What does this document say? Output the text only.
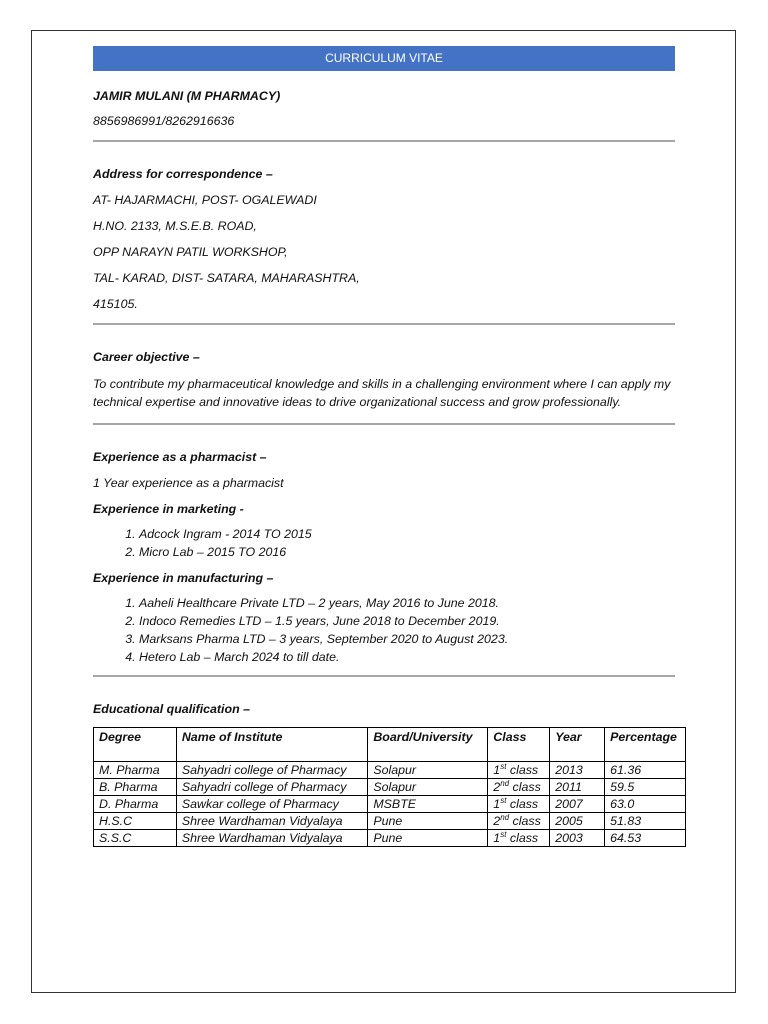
CURRICULUM VITAE
JAMIR MULANI (M PHARMACY)
8856986991/8262916636
Address for correspondence –
AT- HAJARMACHI, POST- OGALEWADI
H.NO. 2133, M.S.E.B. ROAD,
OPP NARAYN PATIL WORKSHOP,
TAL- KARAD, DIST- SATARA, MAHARASHTRA,
415105.
Career objective –
To contribute my pharmaceutical knowledge and skills in a challenging environment where I can apply my technical expertise and innovative ideas to drive organizational success and grow professionally.
Experience as a pharmacist –
1 Year experience as a pharmacist
Experience in marketing -
1. Adcock Ingram - 2014 TO 2015
2. Micro Lab – 2015 TO 2016
Experience in manufacturing –
1. Aaheli Healthcare Private LTD – 2 years, May 2016 to June 2018.
2. Indoco Remedies LTD – 1.5 years, June 2018 to December 2019.
3. Marksans Pharma LTD – 3 years, September 2020 to August 2023.
4. Hetero Lab – March 2024 to till date.
Educational qualification –
Degree	Name of Institute	Board/University	Class	Year	Percentage
M. Pharma	Sahyadri college of Pharmacy	Solapur	1st class	2013	61.36
B. Pharma	Sahyadri college of Pharmacy	Solapur	2nd class	2011	59.5
D. Pharma	Sawkar college of Pharmacy	MSBTE	1st class	2007	63.0
H.S.C	Shree Wardhaman Vidyalaya	Pune	2nd class	2005	51.83
S.S.C	Shree Wardhaman Vidyalaya	Pune	1st class	2003	64.53
